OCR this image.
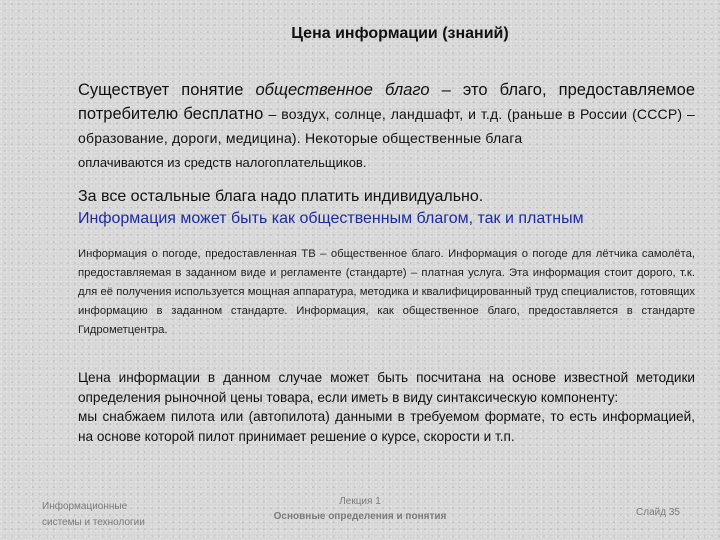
Цена информации (знаний)
Существует понятие общественное благо – это благо, предоставляемое потребителю бесплатно – воздух, солнце, ландшафт, и т.д. (раньше в России (СССР) – образование, дороги, медицина). Некоторые общественные блага
оплачиваются из средств налогоплательщиков.
За все остальные блага надо платить индивидуально.
Информация может быть как общественным благом, так и платным
Информация о погоде, предоставленная ТВ – общественное благо. Информация о погоде для лётчика самолёта, предоставляемая в заданном виде и регламенте (стандарте) – платная услуга. Эта информация стоит дорого, т.к. для её получения используется мощная аппаратура, методика и квалифицированный труд специалистов, готовящих информацию в заданном стандарте. Информация, как общественное благо, предоставляется в стандарте Гидрометцентра.
Цена информации в данном случае может быть посчитана на основе известной методики определения рыночной цены товара, если иметь в виду синтаксическую компоненту:
мы снабжаем пилота или (автопилота) данными в требуемом формате, то есть информацией, на основе которой пилот принимает решение о курсе, скорости и т.п.
Информационные
системы и технологии
Лекция 1
Основные определения и понятия	Слайд 35
